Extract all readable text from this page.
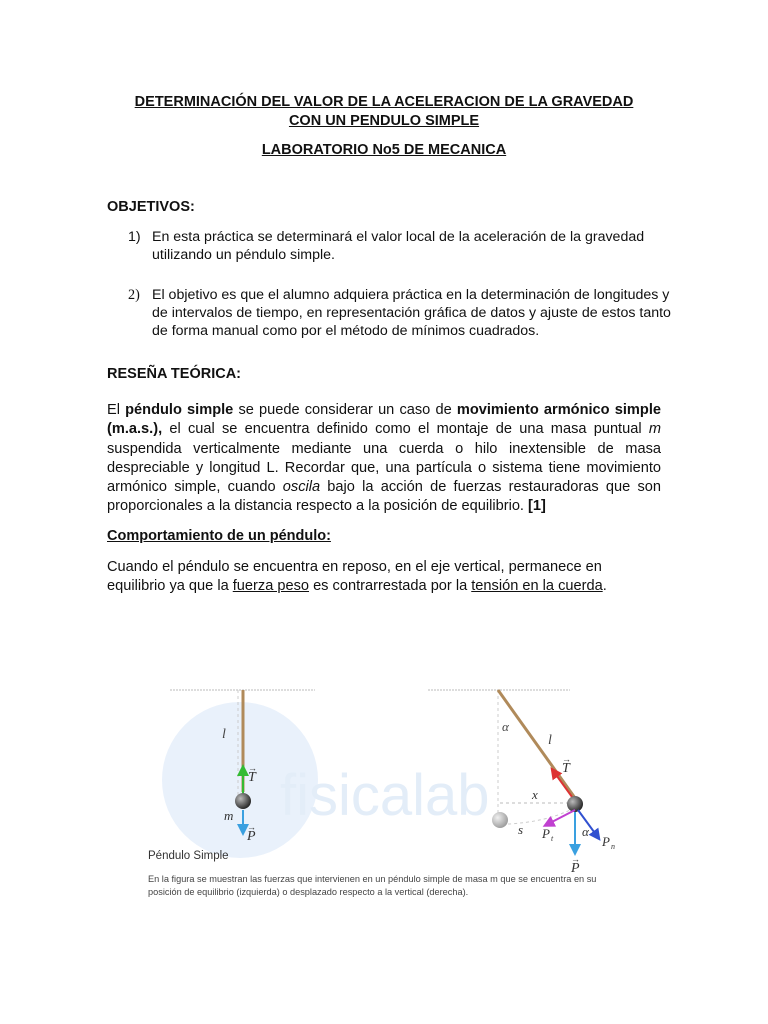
DETERMINACIÓN DEL VALOR DE LA ACELERACION DE LA GRAVEDAD
CON UN PENDULO SIMPLE
LABORATORIO No5 DE MECANICA
OBJETIVOS:
1) En esta práctica se determinará el valor local de la aceleración de la gravedad utilizando un péndulo simple.
2) El objetivo es que el alumno adquiera práctica en la determinación de longitudes y de intervalos de tiempo, en representación gráfica de datos y ajuste de estos tanto de forma manual como por el método de mínimos cuadrados.
RESEÑA TEÓRICA:
El péndulo simple se puede considerar un caso de movimiento armónico simple (m.a.s.), el cual se encuentra definido como el montaje de una masa puntual m suspendida verticalmente mediante una cuerda o hilo inextensible de masa despreciable y longitud L. Recordar que, una partícula o sistema tiene movimiento armónico simple, cuando oscila bajo la acción de fuerzas restauradoras que son proporcionales a la distancia respecto a la posición de equilibrio. [1]
Comportamiento de un péndulo:
Cuando el péndulo se encuentra en reposo, en el eje vertical, permanece en equilibrio ya que la fuerza peso es contrarrestada por la tensión en la cuerda.
fisicalab
l
T
→
m
P
→
α
l
T
→
x
s
P
→
P t	P n
α
Péndulo Simple
En la figura se muestran las fuerzas que intervienen en un péndulo simple de masa m que se encuentra en su posición de equilibrio (izquierda) o desplazado respecto a la vertical (derecha).
